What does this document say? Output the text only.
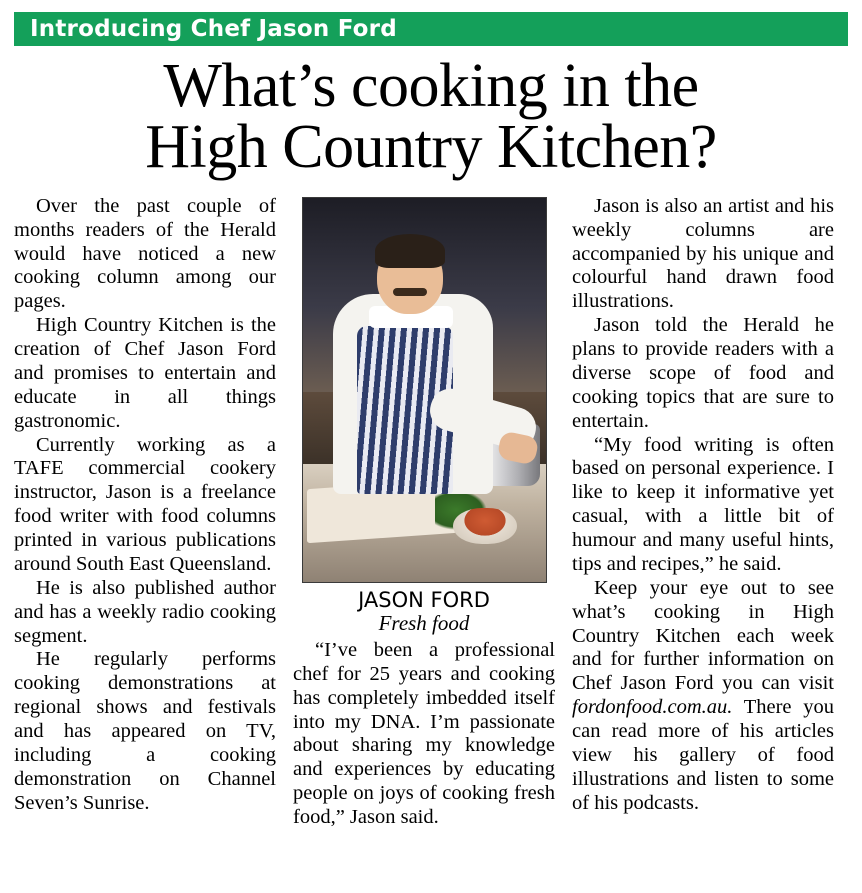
Introducing Chef Jason Ford
What’s cooking in the
High Country Kitchen?

Over the past couple of months readers of the Herald would have noticed a new cooking column among our pages.

High Country Kitchen is the creation of Chef Jason Ford and promises to entertain and educate in all things gastronomic.

Currently working as a TAFE commercial cookery instructor, Jason is a freelance food writer with food columns printed in various publications around South East Queensland.

He is also published author and has a weekly radio cooking segment.

He regularly performs cooking demonstrations at regional shows and festivals and has appeared on TV, including a cooking demonstration on Channel Seven’s Sunrise.

JASON FORD
Fresh food

“I’ve been a professional chef for 25 years and cooking has completely imbedded itself into my DNA. I’m passionate about sharing my knowledge and experiences by educating people on joys of cooking fresh food,” Jason said.

Jason is also an artist and his weekly columns are accompanied by his unique and colourful hand drawn food illustrations.

Jason told the Herald he plans to provide readers with a diverse scope of food and cooking topics that are sure to entertain.

“My food writing is often based on personal experience. I like to keep it informative yet casual, with a little bit of humour and many useful hints, tips and recipes,” he said.

Keep your eye out to see what’s cooking in High Country Kitchen each week and for further information on Chef Jason Ford you can visit fordonfood.com.au. There you can read more of his articles view his gallery of food illustrations and listen to some of his podcasts.
